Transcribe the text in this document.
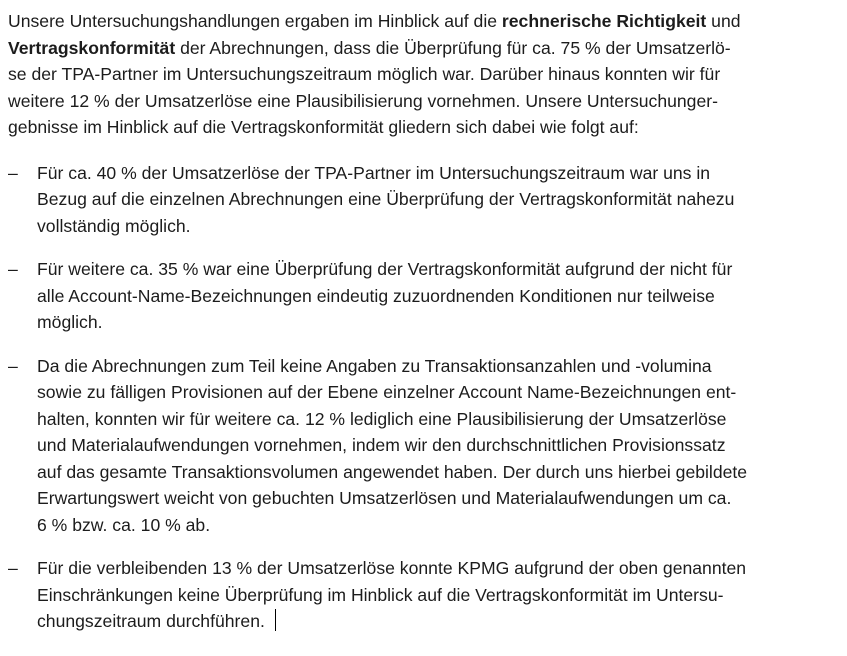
Unsere Untersuchungshandlungen ergaben im Hinblick auf die rechnerische Richtigkeit und
Vertragskonformität der Abrechnungen, dass die Überprüfung für ca. 75 % der Umsatzerlö-
se der TPA-Partner im Untersuchungszeitraum möglich war. Darüber hinaus konnten wir für
weitere 12 % der Umsatzerlöse eine Plausibilisierung vornehmen. Unsere Untersuchunger-
gebnisse im Hinblick auf die Vertragskonformität gliedern sich dabei wie folgt auf:

– Für ca. 40 % der Umsatzerlöse der TPA-Partner im Untersuchungszeitraum war uns in
Bezug auf die einzelnen Abrechnungen eine Überprüfung der Vertragskonformität nahezu
vollständig möglich.
– Für weitere ca. 35 % war eine Überprüfung der Vertragskonformität aufgrund der nicht für
alle Account-Name-Bezeichnungen eindeutig zuzuordnenden Konditionen nur teilweise
möglich.
– Da die Abrechnungen zum Teil keine Angaben zu Transaktionsanzahlen und -volumina
sowie zu fälligen Provisionen auf der Ebene einzelner Account Name-Bezeichnungen ent-
halten, konnten wir für weitere ca. 12 % lediglich eine Plausibilisierung der Umsatzerlöse
und Materialaufwendungen vornehmen, indem wir den durchschnittlichen Provisionssatz
auf das gesamte Transaktionsvolumen angewendet haben. Der durch uns hierbei gebildete
Erwartungswert weicht von gebuchten Umsatzerlösen und Materialaufwendungen um ca.
6 % bzw. ca. 10 % ab.
– Für die verbleibenden 13 % der Umsatzerlöse konnte KPMG aufgrund der oben genannten
Einschränkungen keine Überprüfung im Hinblick auf die Vertragskonformität im Untersu-
chungszeitraum durchführen.
